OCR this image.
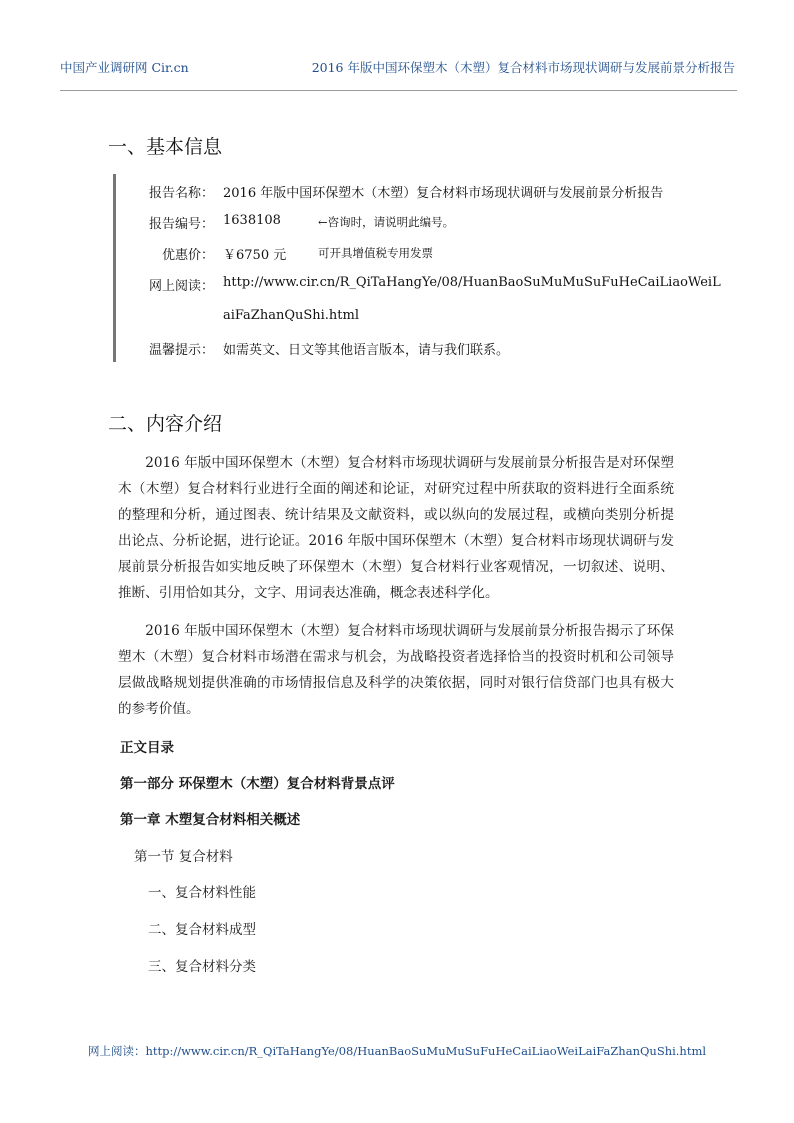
中国产业调研网 Cir.cn	2016 年版中国环保塑木（木塑）复合材料市场现状调研与发展前景分析报告
一、基本信息
报告名称： 2016 年版中国环保塑木（木塑）复合材料市场现状调研与发展前景分析报告
报告编号： 1638108	←咨询时，请说明此编号。
优惠价： ￥6750 元	可开具增值税专用发票
网上阅读： http://www.cir.cn/R_QiTaHangYe/08/HuanBaoSuMuMuSuFuHeCaiLiaoWeiL
aiFaZhanQuShi.html
温馨提示： 如需英文、日文等其他语言版本，请与我们联系。
二、内容介绍

2016 年版中国环保塑木（木塑）复合材料市场现状调研与发展前景分析报告是对环保塑木（木塑）复合材料行业进行全面的阐述和论证，对研究过程中所获取的资料进行全面系统的整理和分析，通过图表、统计结果及文献资料，或以纵向的发展过程，或横向类别分析提出论点、分析论据，进行论证。2016 年版中国环保塑木（木塑）复合材料市场现状调研与发展前景分析报告如实地反映了环保塑木（木塑）复合材料行业客观情况，一切叙述、说明、推断、引用恰如其分，文字、用词表达准确，概念表述科学化。

2016 年版中国环保塑木（木塑）复合材料市场现状调研与发展前景分析报告揭示了环保塑木（木塑）复合材料市场潜在需求与机会，为战略投资者选择恰当的投资时机和公司领导层做战略规划提供准确的市场情报信息及科学的决策依据，同时对银行信贷部门也具有极大的参考价值。

正文目录

第一部分 环保塑木（木塑）复合材料背景点评

第一章 木塑复合材料相关概述

第一节 复合材料

一、复合材料性能

二、复合材料成型

三、复合材料分类

网上阅读：http://www.cir.cn/R_QiTaHangYe/08/HuanBaoSuMuMuSuFuHeCaiLiaoWeiLaiFaZhanQuShi.html
